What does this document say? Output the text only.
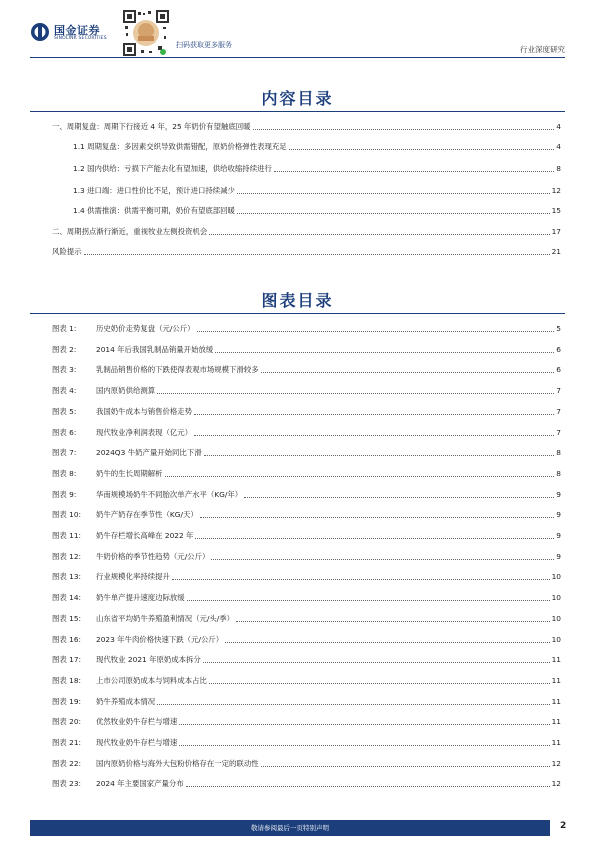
国金证券
SINOLINK SECURITIES
扫码获取更多服务	行业深度研究
内容目录
一、周期复盘：周期下行接近 4 年，25 年奶价有望触底回暖	4
1.1 周期复盘：多因素交织导致供需错配，原奶价格弹性表现充足	4
1.2 国内供给：亏损下产能去化有望加速，供给收缩持续进行	8
1.3 进口端：进口性价比不足，预计进口持续减少	12
1.4 供需推演：供需平衡可期，奶价有望底部回暖	15
二、周期拐点渐行渐近，重视牧业左侧投资机会	17
风险提示	21
图表目录
图表 1:	历史奶价走势复盘（元/公斤）	5
图表 2:	2014 年后我国乳制品销量开始放缓	6
图表 3:	乳制品销售价格的下跌使得表观市场规模下滑较多	6
图表 4:	国内原奶供给测算	7
图表 5:	我国奶牛成本与销售价格走势	7
图表 6:	现代牧业净利润表现（亿元）	7
图表 7:	2024Q3 牛奶产量开始同比下滑	8
图表 8:	奶牛的生长周期解析	8
图表 9:	华南规模场奶牛不同胎次单产水平（KG/年）	9
图表 10:	奶牛产奶存在季节性（KG/天）	9
图表 11:	奶牛存栏增长高峰在 2022 年	9
图表 12:	牛奶价格的季节性趋势（元/公斤）	9
图表 13:	行业规模化率持续提升	10
图表 14:	奶牛单产提升速度边际放缓	10
图表 15:	山东省平均奶牛养殖盈利情况（元/头/季）	10
图表 16:	2023 年牛肉价格快速下跌（元/公斤）	10
图表 17:	现代牧业 2021 年原奶成本拆分	11
图表 18:	上市公司原奶成本与饲料成本占比	11
图表 19:	奶牛养殖成本情况	11
图表 20:	优然牧业奶牛存栏与增速	11
图表 21:	现代牧业奶牛存栏与增速	11
图表 22:	国内原奶价格与海外大包粉价格存在一定的联动性	12
图表 23:	2024 年主要国家产量分布	12
敬请参阅最后一页特别声明	2
